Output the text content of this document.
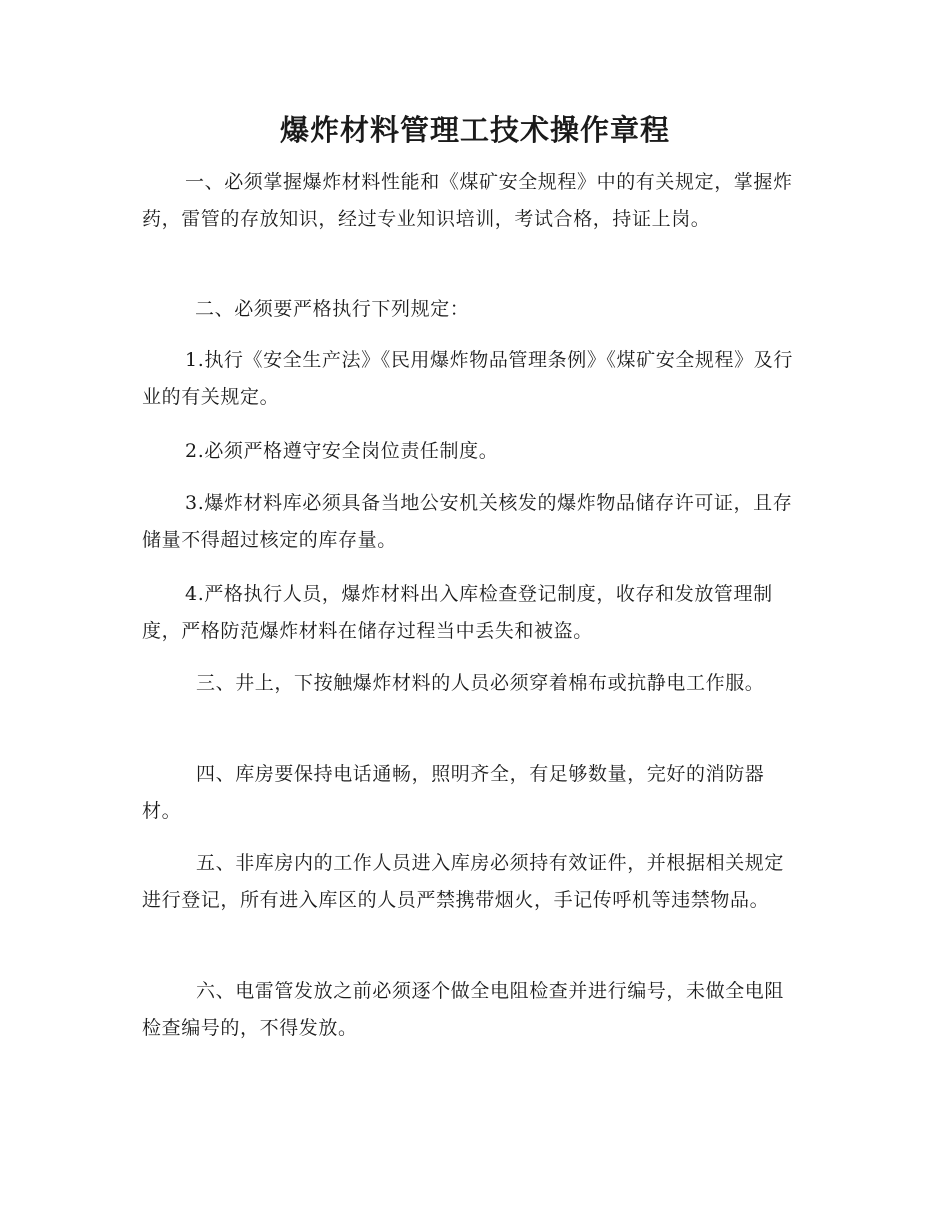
爆炸材料管理工技术操作章程

一、必须掌握爆炸材料性能和《煤矿安全规程》中的有关规定，掌握炸药，雷管的存放知识，经过专业知识培训，考试合格，持证上岗。

二、必须要严格执行下列规定：

1.执行《安全生产法》《民用爆炸物品管理条例》《煤矿安全规程》及行业的有关规定。

2.必须严格遵守安全岗位责任制度。

3.爆炸材料库必须具备当地公安机关核发的爆炸物品储存许可证，且存储量不得超过核定的库存量。

4.严格执行人员，爆炸材料出入库检查登记制度，收存和发放管理制度，严格防范爆炸材料在储存过程当中丢失和被盗。

三、井上，下按触爆炸材料的人员必须穿着棉布或抗静电工作服。

四、库房要保持电话通畅，照明齐全，有足够数量，完好的消防器材。

五、非库房内的工作人员进入库房必须持有效证件，并根据相关规定进行登记，所有进入库区的人员严禁携带烟火，手记传呼机等违禁物品。

六、电雷管发放之前必须逐个做全电阻检查并进行编号，未做全电阻检查编号的，不得发放。
